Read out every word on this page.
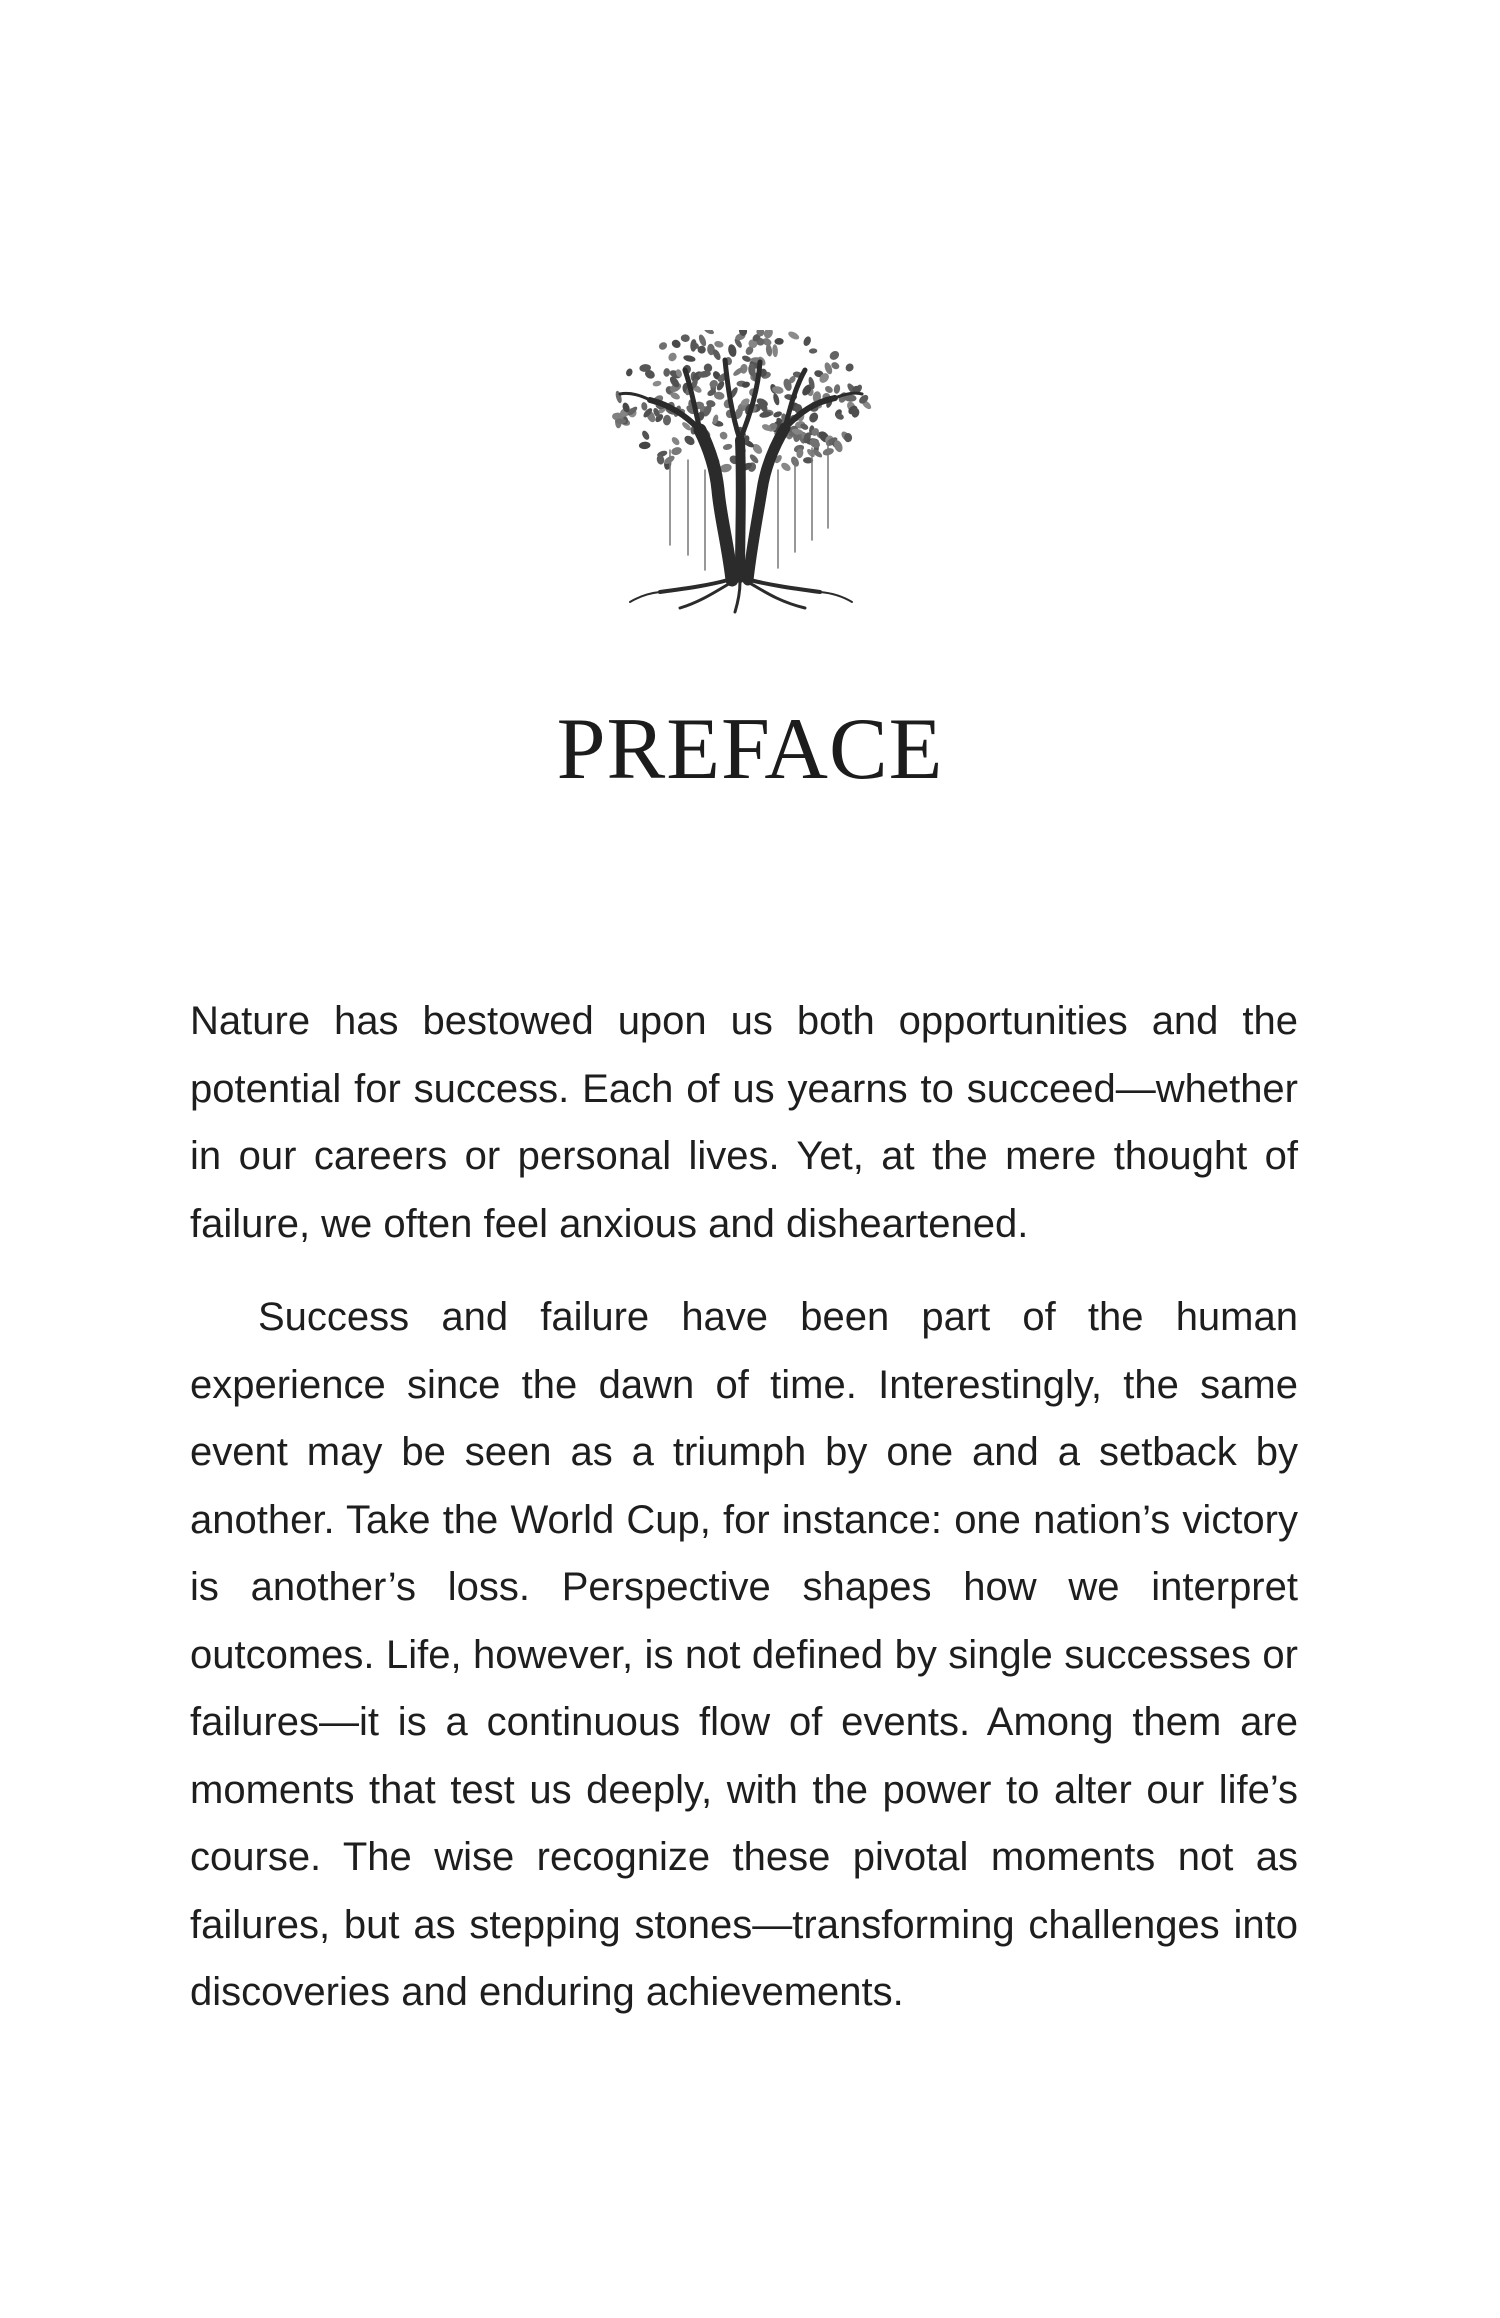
PREFACE

Nature has bestowed upon us both opportunities and the potential for success. Each of us yearns to succeed—whether in our careers or personal lives. Yet, at the mere thought of failure, we often feel anxious and disheartened.

Success and failure have been part of the human experience since the dawn of time. Interestingly, the same event may be seen as a triumph by one and a setback by another. Take the World Cup, for instance: one nation’s victory is another’s loss. Perspective shapes how we interpret outcomes. Life, however, is not defined by single successes or failures—it is a continuous flow of events. Among them are moments that test us deeply, with the power to alter our life’s course. The wise recognize these pivotal moments not as failures, but as stepping stones—transforming challenges into discoveries and enduring achievements.
